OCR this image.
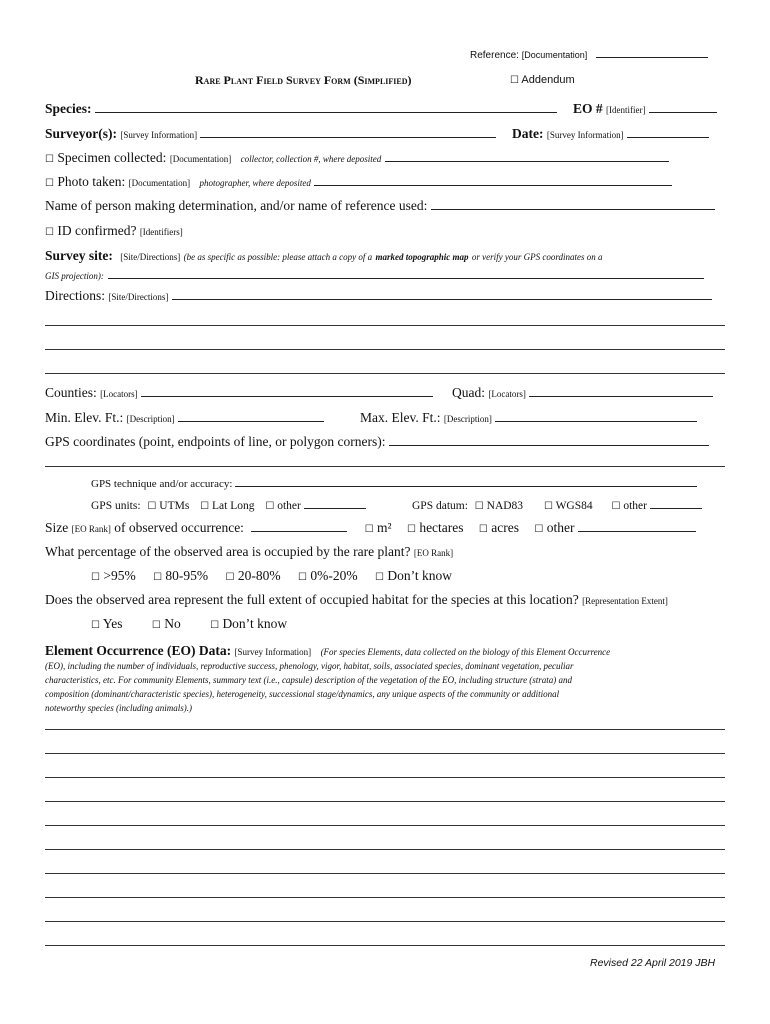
Reference: [Documentation]
Rare Plant Field Survey Form (Simplified)	☐ Addendum
Species:	EO # [Identifier]
Surveyor(s): [Survey Information]	Date: [Survey Information]
☐ Specimen collected: [Documentation] collector, collection #, where deposited
☐ Photo taken: [Documentation] photographer, where deposited
Name of person making determination, and/or name of reference used:
☐ ID confirmed? [Identifiers]
Survey site: [Site/Directions] (be as specific as possible: please attach a copy of a marked topographic map or verify your GPS coordinates on a
GIS projection):
Directions: [Site/Directions]
Counties: [Locators]	Quad: [Locators]
Min. Elev. Ft.: [Description]	Max. Elev. Ft.: [Description]
GPS coordinates (point, endpoints of line, or polygon corners):
GPS technique and/or accuracy:
GPS units: ☐ UTMs ☐ Lat Long ☐ other	GPS datum: ☐ NAD83 ☐ WGS84 ☐ other
Size [EO Rank] of observed occurrence:	☐ m² ☐ hectares ☐ acres ☐ other
What percentage of the observed area is occupied by the rare plant? [EO Rank]
☐ >95% ☐ 80-95% ☐ 20-80% ☐ 0%-20% ☐ Don’t know
Does the observed area represent the full extent of occupied habitat for the species at this location? [Representation Extent]
☐ Yes	☐ No	☐ Don’t know
Element Occurrence (EO) Data: [Survey Information] (For species Elements, data collected on the biology of this Element Occurrence
(EO), including the number of individuals, reproductive success, phenology, vigor, habitat, soils, associated species, dominant vegetation, peculiar
characteristics, etc. For community Elements, summary text (i.e., capsule) description of the vegetation of the EO, including structure (strata) and
composition (dominant/characteristic species), heterogeneity, successional stage/dynamics, any unique aspects of the community or additional
noteworthy species (including animals).)
Revised 22 April 2019 JBH
